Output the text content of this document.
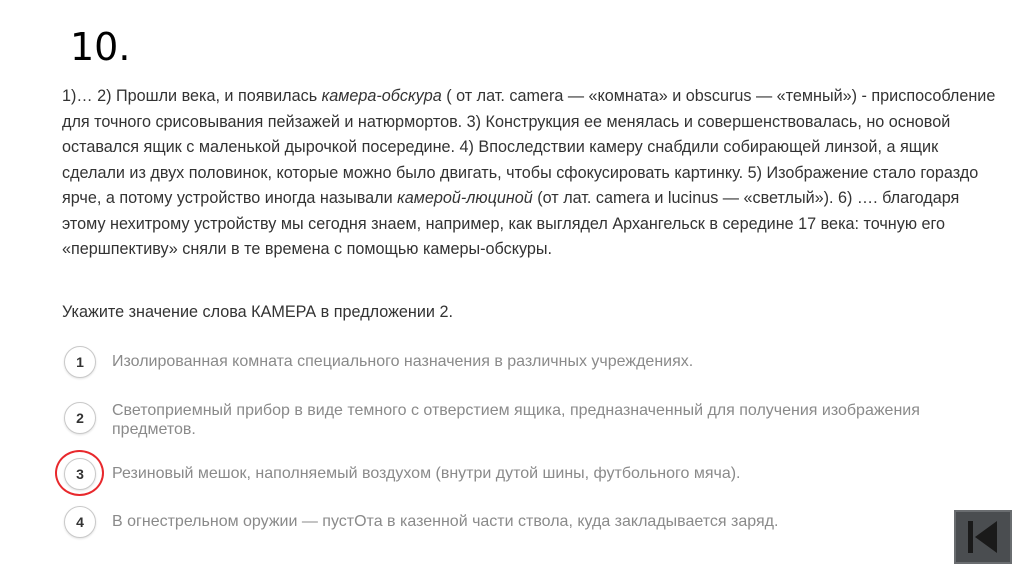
10.
1)… 2) Прошли века, и появилась камера-обскура ( от лат. camera — «комната» и obscurus — «темный») - приспособление для точного срисовывания пейзажей и натюрмортов. 3) Конструкция ее менялась и совершенствовалась, но основой оставался ящик с маленькой дырочкой посередине. 4) Впоследствии камеру снабдили собирающей линзой, а ящик сделали из двух половинок, которые можно было двигать, чтобы сфокусировать картинку. 5) Изображение стало гораздо ярче, а потому устройство иногда называли камерой-люциной (от лат. camera и lucinus — «светлый»). 6) …. благодаря этому нехитрому устройству мы сегодня знаем, например, как выглядел Архангельск в середине 17 века: точную его «першпективу» сняли в те времена с помощью камеры-обскуры.
Укажите значение слова КАМЕРА в предложении 2.
1	Изолированная комната специального назначения в различных учреждениях.
2	Светоприемный прибор в виде темного с отверстием ящика, предназначенный для получения изображения предметов.
3	Резиновый мешок, наполняемый воздухом (внутри дутой шины, футбольного мяча).
4	В огнестрельном оружии — пустОта в казенной части ствола, куда закладывается заряд.
